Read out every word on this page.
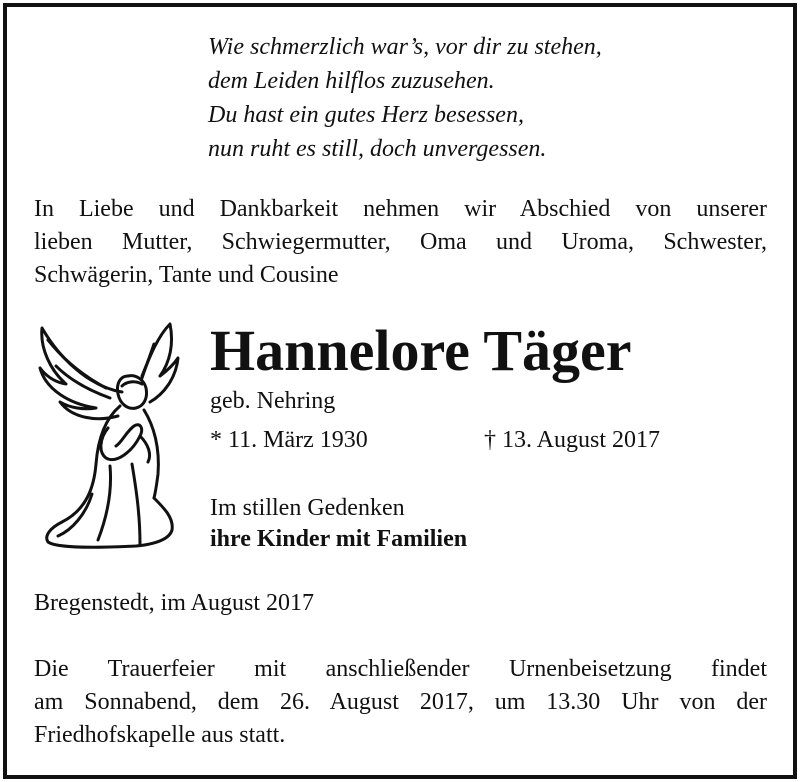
Wie schmerzlich war’s, vor dir zu stehen,
dem Leiden hilflos zuzusehen.
Du hast ein gutes Herz besessen,
nun ruht es still, doch unvergessen.
In Liebe und Dankbarkeit nehmen wir Abschied von unserer
lieben Mutter, Schwiegermutter, Oma und Uroma, Schwester,
Schwägerin, Tante und Cousine
Hannelore Täger
geb. Nehring
* 11. März 1930	† 13. August 2017
Im stillen Gedenken
ihre Kinder mit Familien
Bregenstedt, im August 2017
Die Trauerfeier mit anschließender Urnenbeisetzung findet
am Sonnabend, dem 26. August 2017, um 13.30 Uhr von der
Friedhofskapelle aus statt.
